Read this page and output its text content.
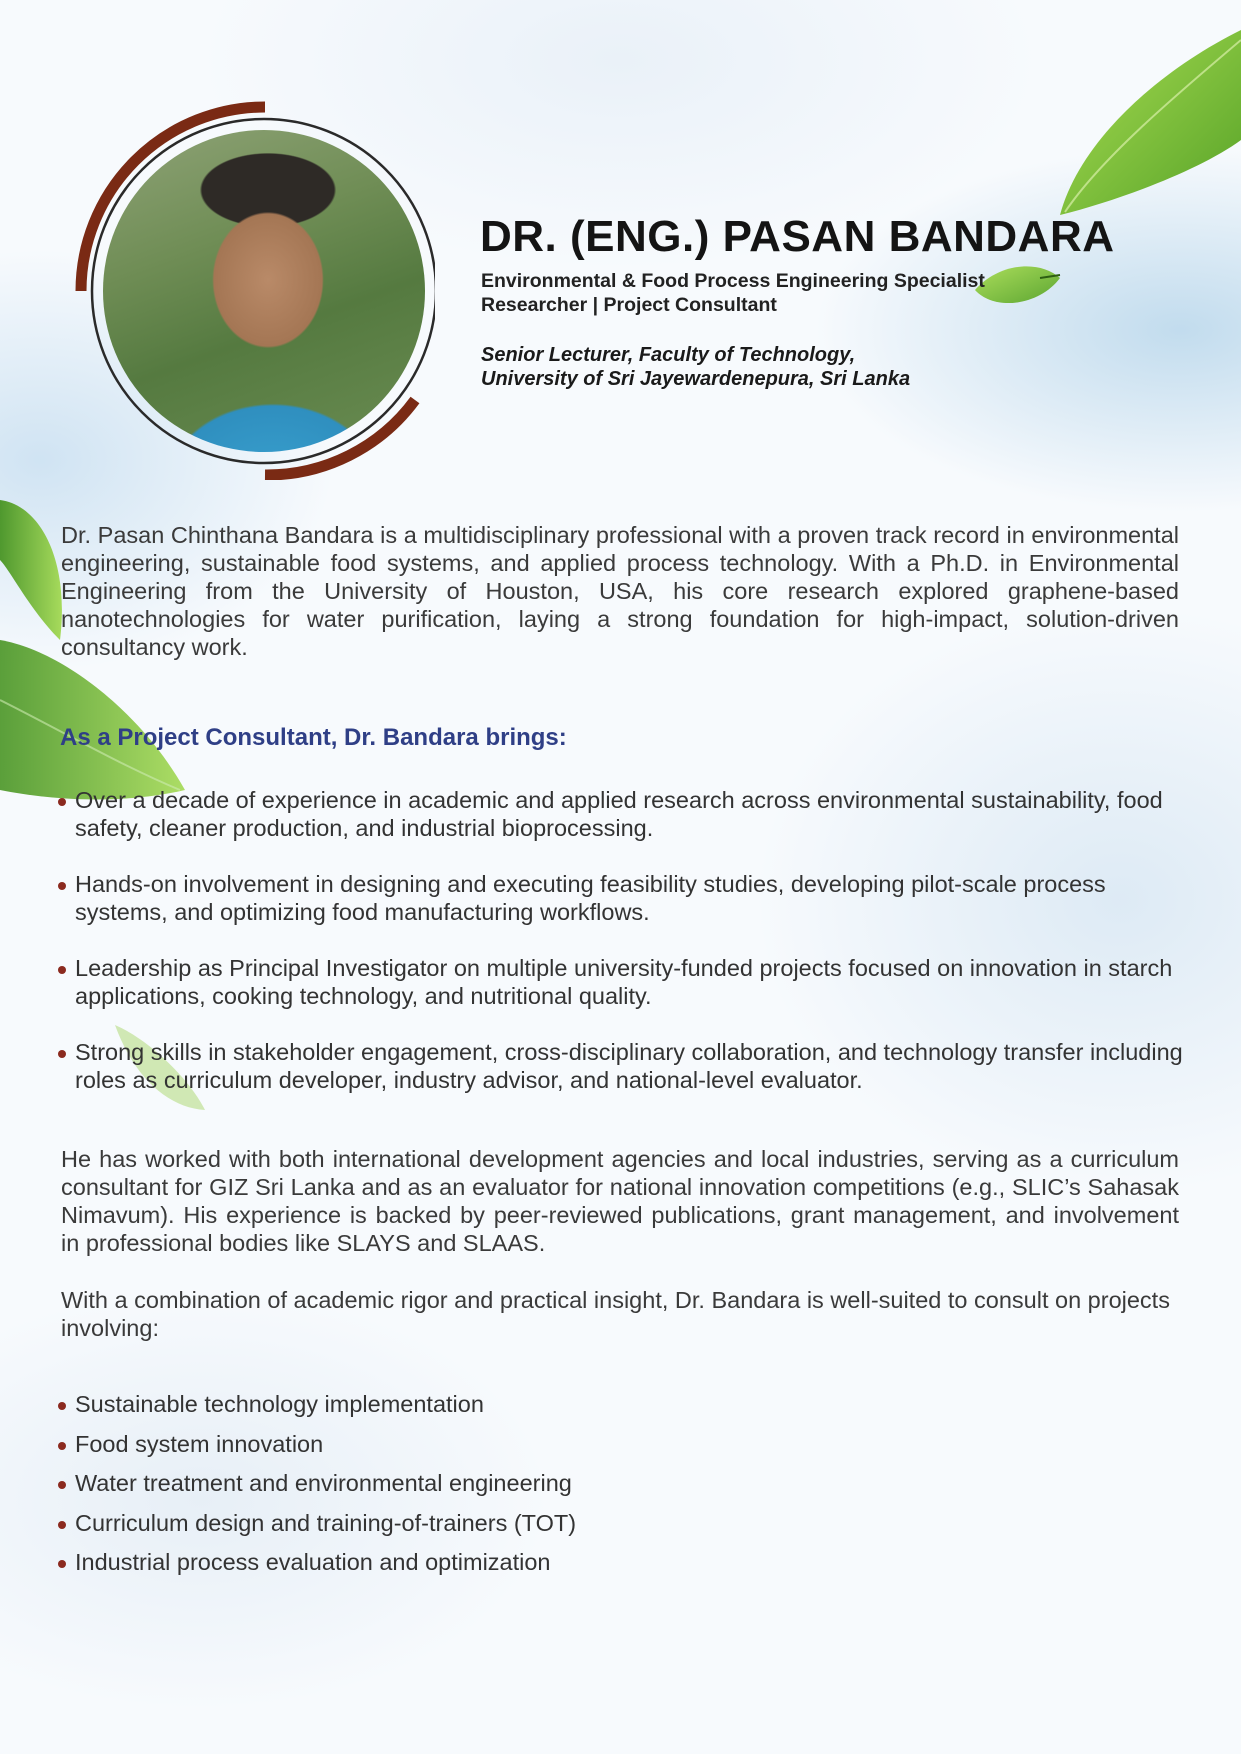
DR. (ENG.) PASAN BANDARA
Environmental & Food Process Engineering Specialist
Researcher | Project Consultant
Senior Lecturer, Faculty of Technology,
University of Sri Jayewardenepura, Sri Lanka

Dr. Pasan Chinthana Bandara is a multidisciplinary professional with a proven track record in environmental engineering, sustainable food systems, and applied process technology. With a Ph.D. in Environmental Engineering from the University of Houston, USA, his core research explored graphene-based nanotechnologies for water purification, laying a strong foundation for high-impact, solution-driven consultancy work.

As a Project Consultant, Dr. Bandara brings:
Over a decade of experience in academic and applied research across environmental sustainability, food safety, cleaner production, and industrial bioprocessing.
Hands-on involvement in designing and executing feasibility studies, developing pilot-scale process systems, and optimizing food manufacturing workflows.
Leadership as Principal Investigator on multiple university-funded projects focused on innovation in starch applications, cooking technology, and nutritional quality.
Strong skills in stakeholder engagement, cross-disciplinary collaboration, and technology transfer including roles as curriculum developer, industry advisor, and national-level evaluator.

He has worked with both international development agencies and local industries, serving as a curriculum consultant for GIZ Sri Lanka and as an evaluator for national innovation competitions (e.g., SLIC’s Sahasak Nimavum). His experience is backed by peer-reviewed publications, grant management, and involvement in professional bodies like SLAYS and SLAAS.

With a combination of academic rigor and practical insight, Dr. Bandara is well-suited to consult on projects involving:

Sustainable technology implementation
Food system innovation
Water treatment and environmental engineering
Curriculum design and training-of-trainers (TOT)
Industrial process evaluation and optimization
